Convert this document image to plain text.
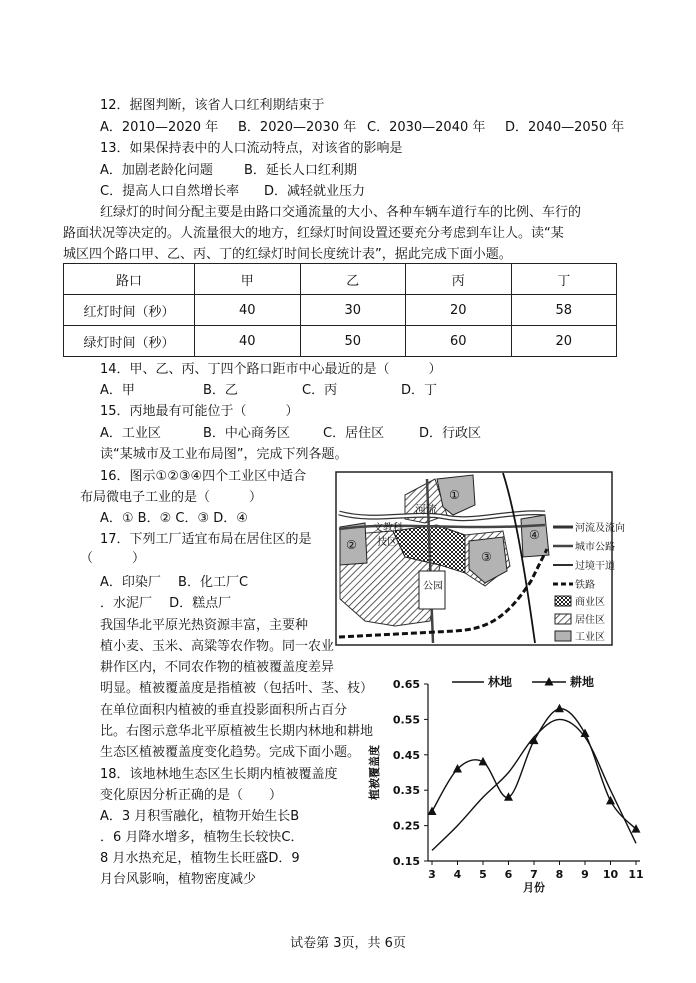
12．据图判断，该省人口红利期结束于
A．2010—2020 年 B．2020—2030 年 C．2030—2040 年 D．2040—2050 年
13．如果保持表中的人口流动特点，对该省的影响是
A．加剧老龄化问题 B．延长人口红利期
C．提高人口自然增长率 D．减轻就业压力
红绿灯的时间分配主要是由路口交通流量的大小、各种车辆车道行车的比例、车行的
路面状况等决定的。人流量很大的地方，红绿灯时间设置还要充分考虑到车让人。读“某
城区四个路口甲、乙、丙、丁的红绿灯时间长度统计表”，据此完成下面小题。
路口	甲	乙	丙	丁
红灯时间（秒）	40	30	20	58
绿灯时间（秒）	40	50	60	20
14．甲、乙、丙、丁四个路口距市中心最近的是（　　　）
A．甲	B．乙	C．丙	D．丁
15．丙地最有可能位于（　　　）
A．工业区	B．中心商务区	C．居住区	D．行政区
读“某城市及工业布局图”，完成下列各题。
16．图示①②③④四个工业区中适合
布局微电子工业的是（　　　）
A．① B．② C．③ D．④
17．下列工厂适宜布局在居住区的是
（　　　）
A．印染厂　 B．化工厂C
．水泥厂　 D．糕点厂
我国华北平原光热资源丰富，主要种
植小麦、玉米、高粱等农作物。同一农业
耕作区内，不同农作物的植被覆盖度差异
明显。植被覆盖度是指植被（包括叶、茎、枝）
在单位面积内植被的垂直投影面积所占百分
比。右图示意华北平原植被生长期内林地和耕地
生态区植被覆盖度变化趋势。完成下面小题。
18．该地林地生态区生长期内植被覆盖度
变化原因分析正确的是（　　）
A．3 月积雪融化，植物开始生长B
．6 月降水增多，植物生长较快C．
8 月水热充足，植物生长旺盛D．9
月台风影响，植物密度减少
河流
文教科
技区
公园
①
②
③
④	河流及流向
城市公路
过境干道
铁路
商业区
居住区
工业区
0.15
0.25
0.35
0.45
0.55
0.65
3 4 5 6 7 8 9 10 11
月份
植被覆盖度
林地	耕地
试卷第 3页，共 6页
